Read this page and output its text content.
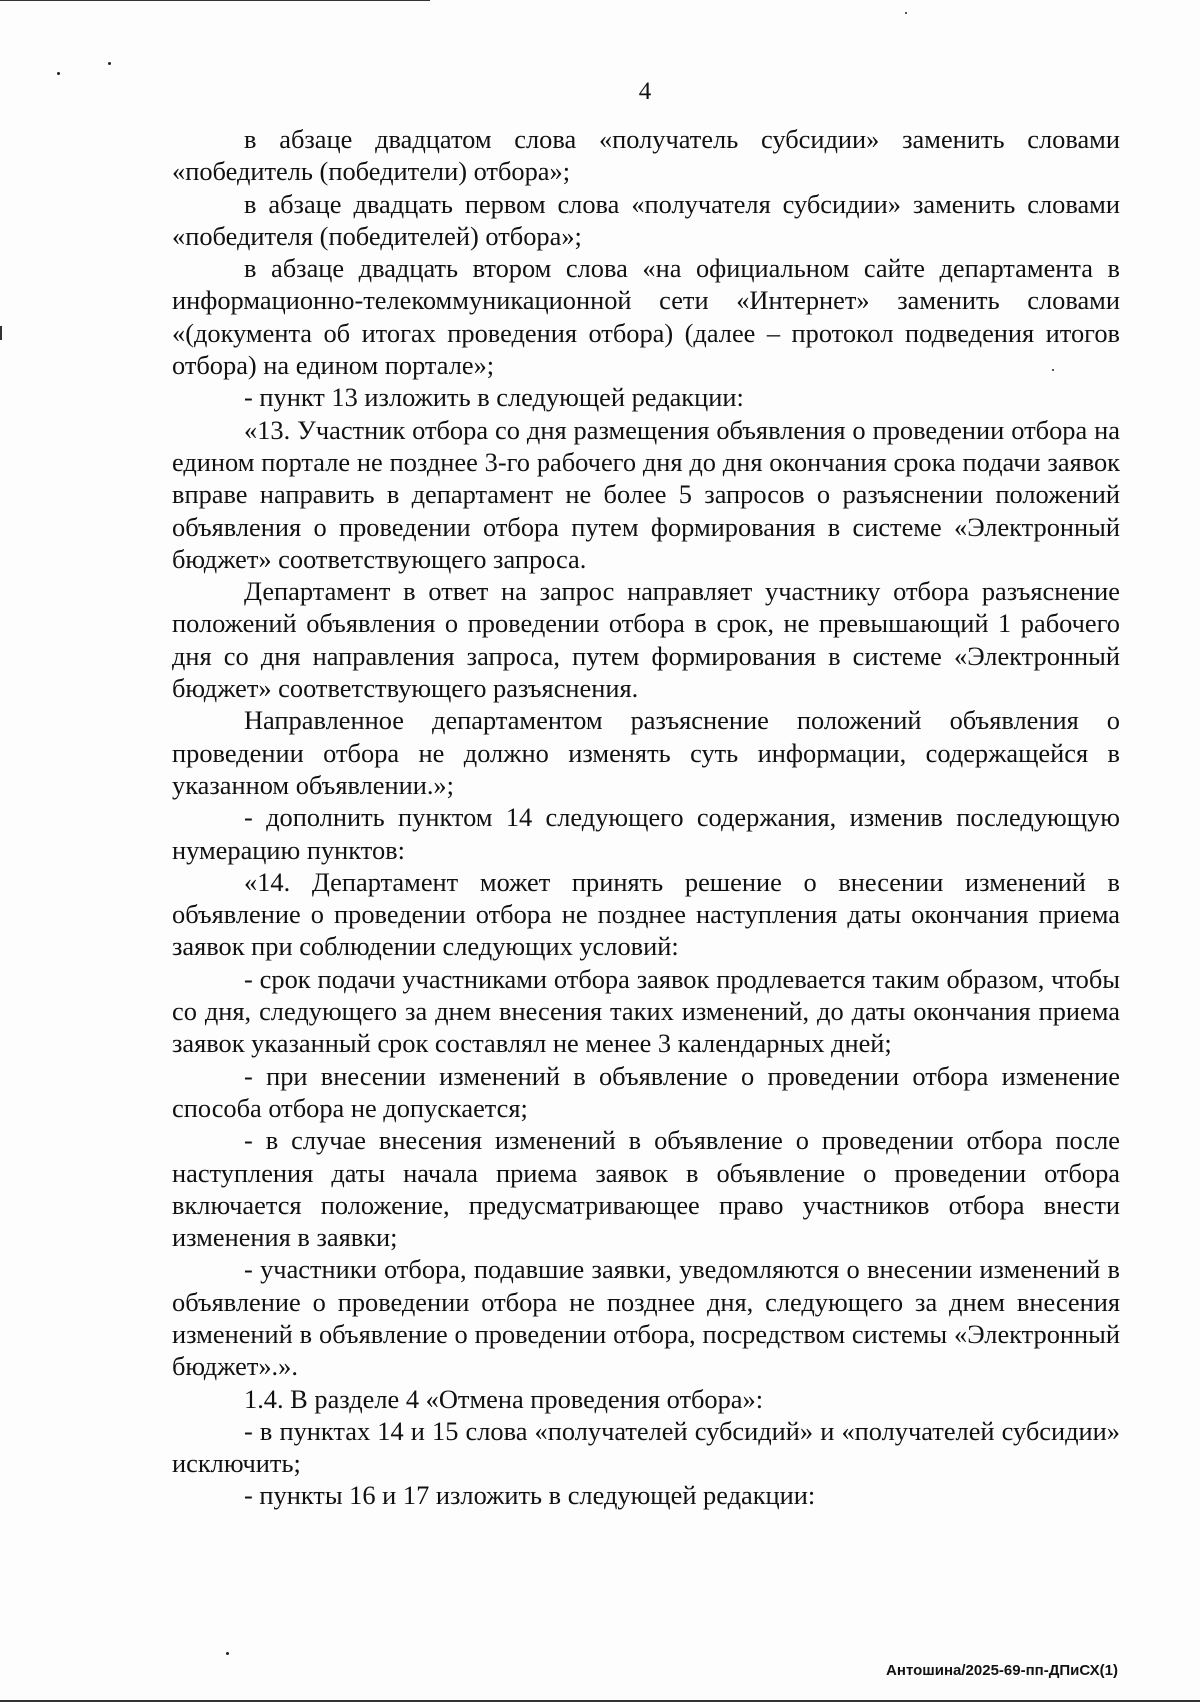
4

в абзаце двадцатом слова «получатель субсидии» заменить словами «победитель (победители) отбора»;

в абзаце двадцать первом слова «получателя субсидии» заменить словами «победителя (победителей) отбора»;

в абзаце двадцать втором слова «на официальном сайте департамента в информационно-телекоммуникационной сети «Интернет» заменить словами «(документа об итогах проведения отбора) (далее – протокол подведения итогов отбора) на едином портале»;

- пункт 13 изложить в следующей редакции:

«13. Участник отбора со дня размещения объявления о проведении отбора на едином портале не позднее 3-го рабочего дня до дня окончания срока подачи заявок вправе направить в департамент не более 5 запросов о разъяснении положений объявления о проведении отбора путем формирования в системе «Электронный бюджет» соответствующего запроса.

Департамент в ответ на запрос направляет участнику отбора разъяснение положений объявления о проведении отбора в срок, не превышающий 1 рабочего дня со дня направления запроса, путем формирования в системе «Электронный бюджет» соответствующего разъяснения.

Направленное департаментом разъяснение положений объявления о проведении отбора не должно изменять суть информации, содержащейся в указанном объявлении.»;

- дополнить пунктом 14 следующего содержания, изменив последующую нумерацию пунктов:

«14. Департамент может принять решение о внесении изменений в объявление о проведении отбора не позднее наступления даты окончания приема заявок при соблюдении следующих условий:

- срок подачи участниками отбора заявок продлевается таким образом, чтобы со дня, следующего за днем внесения таких изменений, до даты окончания приема заявок указанный срок составлял не менее 3 календарных дней;

- при внесении изменений в объявление о проведении отбора изменение способа отбора не допускается;

- в случае внесения изменений в объявление о проведении отбора после наступления даты начала приема заявок в объявление о проведении отбора включается положение, предусматривающее право участников отбора внести изменения в заявки;

- участники отбора, подавшие заявки, уведомляются о внесении изменений в объявление о проведении отбора не позднее дня, следующего за днем внесения изменений в объявление о проведении отбора, посредством системы «Электронный бюджет».».

1.4. В разделе 4 «Отмена проведения отбора»:

- в пунктах 14 и 15 слова «получателей субсидий» и «получателей субсидии» исключить;

- пункты 16 и 17 изложить в следующей редакции:

Антошина/2025-69-пп-ДПиСХ(1)
